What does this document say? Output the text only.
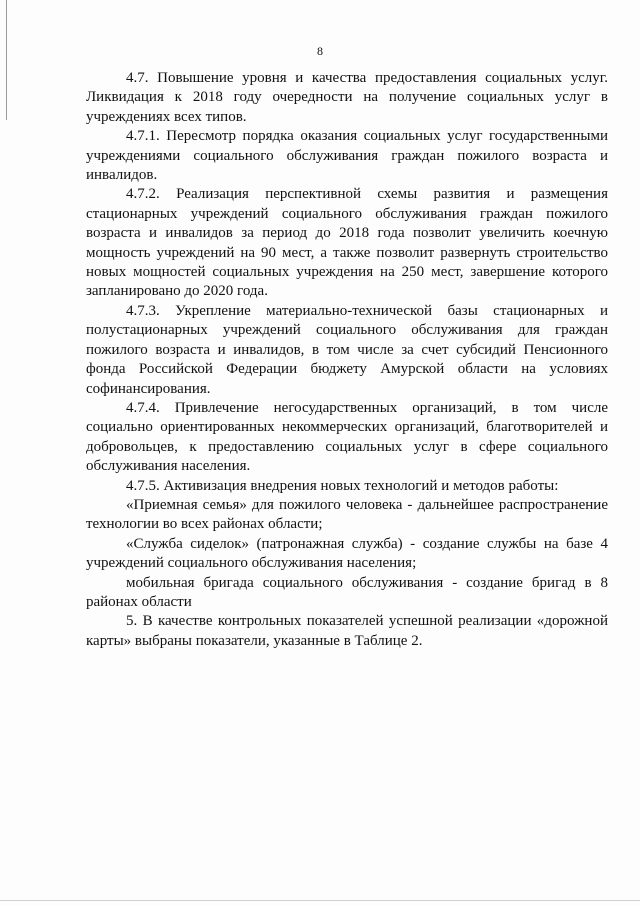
8

4.7. Повышение уровня и качества предоставления социальных услуг. Ликвидация к 2018 году очередности на получение социальных услуг в учреждениях всех типов.

4.7.1. Пересмотр порядка оказания социальных услуг государственными учреждениями социального обслуживания граждан пожилого возраста и инвалидов.

4.7.2. Реализация перспективной схемы развития и размещения стационарных учреждений социального обслуживания граждан пожилого возраста и инвалидов за период до 2018 года позволит увеличить коечную мощность учреждений на 90 мест, а также позволит развернуть строительство новых мощностей социальных учреждения на 250 мест, завершение которого запланировано до 2020 года.

4.7.3. Укрепление материально-технической базы стационарных и полустационарных учреждений социального обслуживания для граждан пожилого возраста и инвалидов, в том числе за счет субсидий Пенсионного фонда Российской Федерации бюджету Амурской области на условиях софинансирования.

4.7.4. Привлечение негосударственных организаций, в том числе социально ориентированных некоммерческих организаций, благотворителей и добровольцев, к предоставлению социальных услуг в сфере социального обслуживания населения.

4.7.5. Активизация внедрения новых технологий и методов работы:

«Приемная семья» для пожилого человека - дальнейшее распространение технологии во всех районах области;

«Служба сиделок» (патронажная служба) - создание службы на базе 4 учреждений социального обслуживания населения;

мобильная бригада социального обслуживания - создание бригад в 8 районах области

5. В качестве контрольных показателей успешной реализации «дорожной карты» выбраны показатели, указанные в Таблице 2.
